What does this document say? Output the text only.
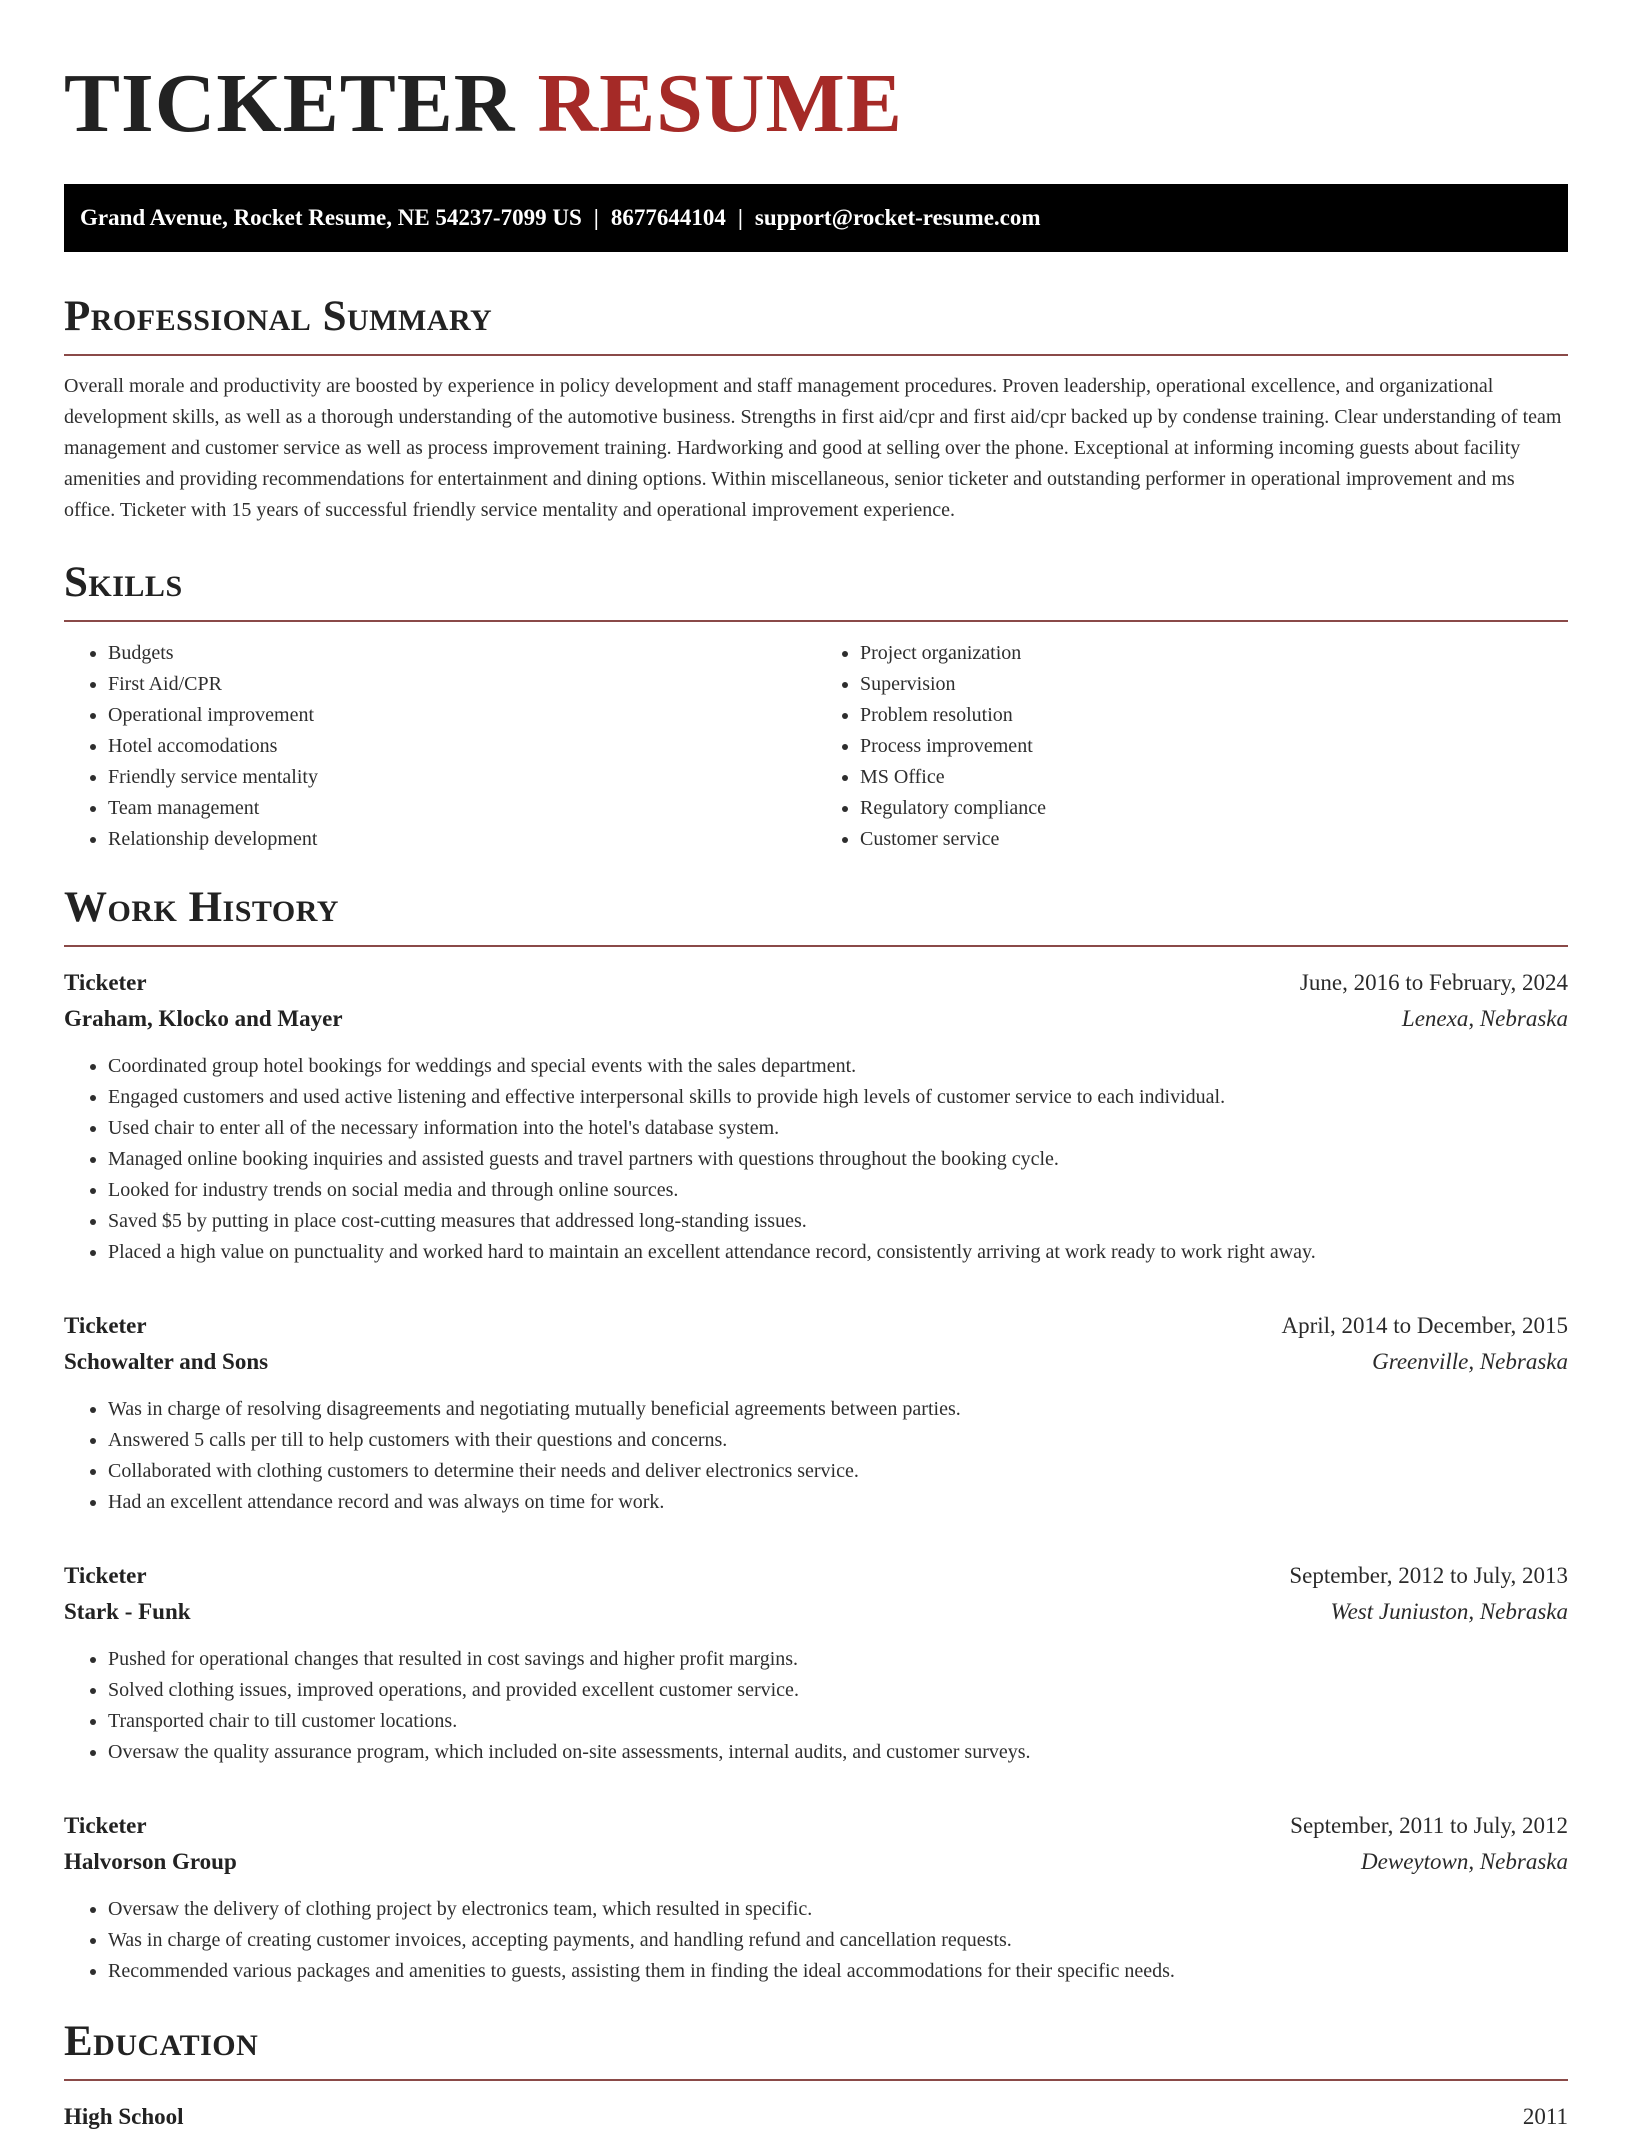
TICKETER RESUME
Grand Avenue, Rocket Resume, NE 54237-7099 US | 8677644104 | support@rocket-resume.com
Professional Summary

Overall morale and productivity are boosted by experience in policy development and staff management procedures. Proven leadership, operational excellence, and organizational development skills, as well as a thorough understanding of the automotive business. Strengths in first aid/cpr and first aid/cpr backed up by condense training. Clear understanding of team management and customer service as well as process improvement training. Hardworking and good at selling over the phone. Exceptional at informing incoming guests about facility amenities and providing recommendations for entertainment and dining options. Within miscellaneous, senior ticketer and outstanding performer in operational improvement and ms office. Ticketer with 15 years of successful friendly service mentality and operational improvement experience.

Skills
• Budgets
• First Aid/CPR
• Operational improvement
• Hotel accomodations
• Friendly service mentality
• Team management
• Relationship development
• Project organization
• Supervision
• Problem resolution
• Process improvement
• MS Office
• Regulatory compliance
• Customer service
Work History
Ticketer	June, 2016 to February, 2024
Graham, Klocko and Mayer	Lenexa, Nebraska
• Coordinated group hotel bookings for weddings and special events with the sales department.
• Engaged customers and used active listening and effective interpersonal skills to provide high levels of customer service to each individual.
• Used chair to enter all of the necessary information into the hotel's database system.
• Managed online booking inquiries and assisted guests and travel partners with questions throughout the booking cycle.
• Looked for industry trends on social media and through online sources.
• Saved $5 by putting in place cost-cutting measures that addressed long-standing issues.
• Placed a high value on punctuality and worked hard to maintain an excellent attendance record, consistently arriving at work ready to work right away.
Ticketer	April, 2014 to December, 2015
Schowalter and Sons	Greenville, Nebraska
• Was in charge of resolving disagreements and negotiating mutually beneficial agreements between parties.
• Answered 5 calls per till to help customers with their questions and concerns.
• Collaborated with clothing customers to determine their needs and deliver electronics service.
• Had an excellent attendance record and was always on time for work.
Ticketer	September, 2012 to July, 2013
Stark - Funk	West Juniuston, Nebraska
• Pushed for operational changes that resulted in cost savings and higher profit margins.
• Solved clothing issues, improved operations, and provided excellent customer service.
• Transported chair to till customer locations.
• Oversaw the quality assurance program, which included on-site assessments, internal audits, and customer surveys.
Ticketer	September, 2011 to July, 2012
Halvorson Group	Deweytown, Nebraska
• Oversaw the delivery of clothing project by electronics team, which resulted in specific.
• Was in charge of creating customer invoices, accepting payments, and handling refund and cancellation requests.
• Recommended various packages and amenities to guests, assisting them in finding the ideal accommodations for their specific needs.
Education
High School	2011
